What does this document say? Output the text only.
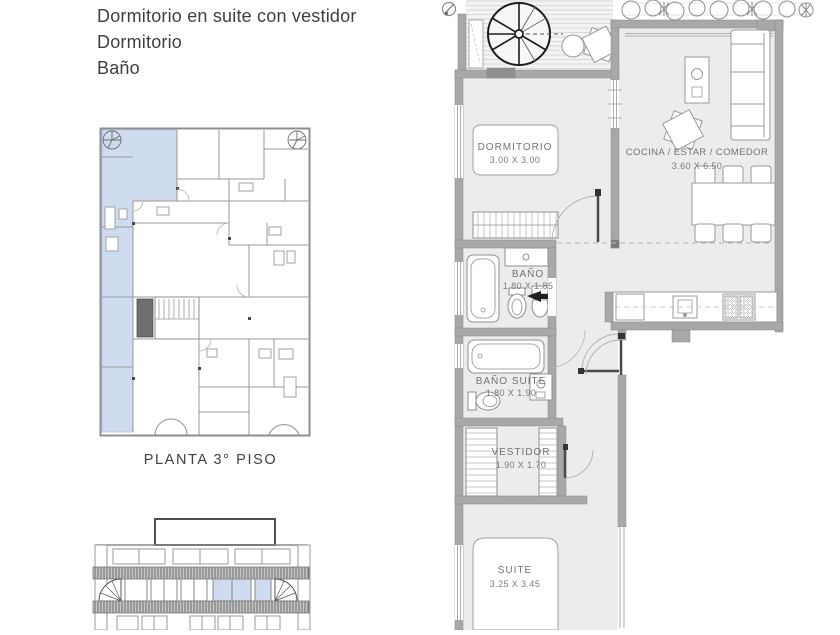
Dormitorio en suite con vestidor
Dormitorio
Baño
PLANTA 3° PISO
DORMITORIO
3.00 X 3.00
COCINA / ESTAR / COMEDOR
3.60 X 6.50
BAÑO
1.80 X 1.85
BAÑO SUITE
1.80 X 1.90
VESTIDOR
1.90 X 1.70
SUITE
3.25 X 3.45
